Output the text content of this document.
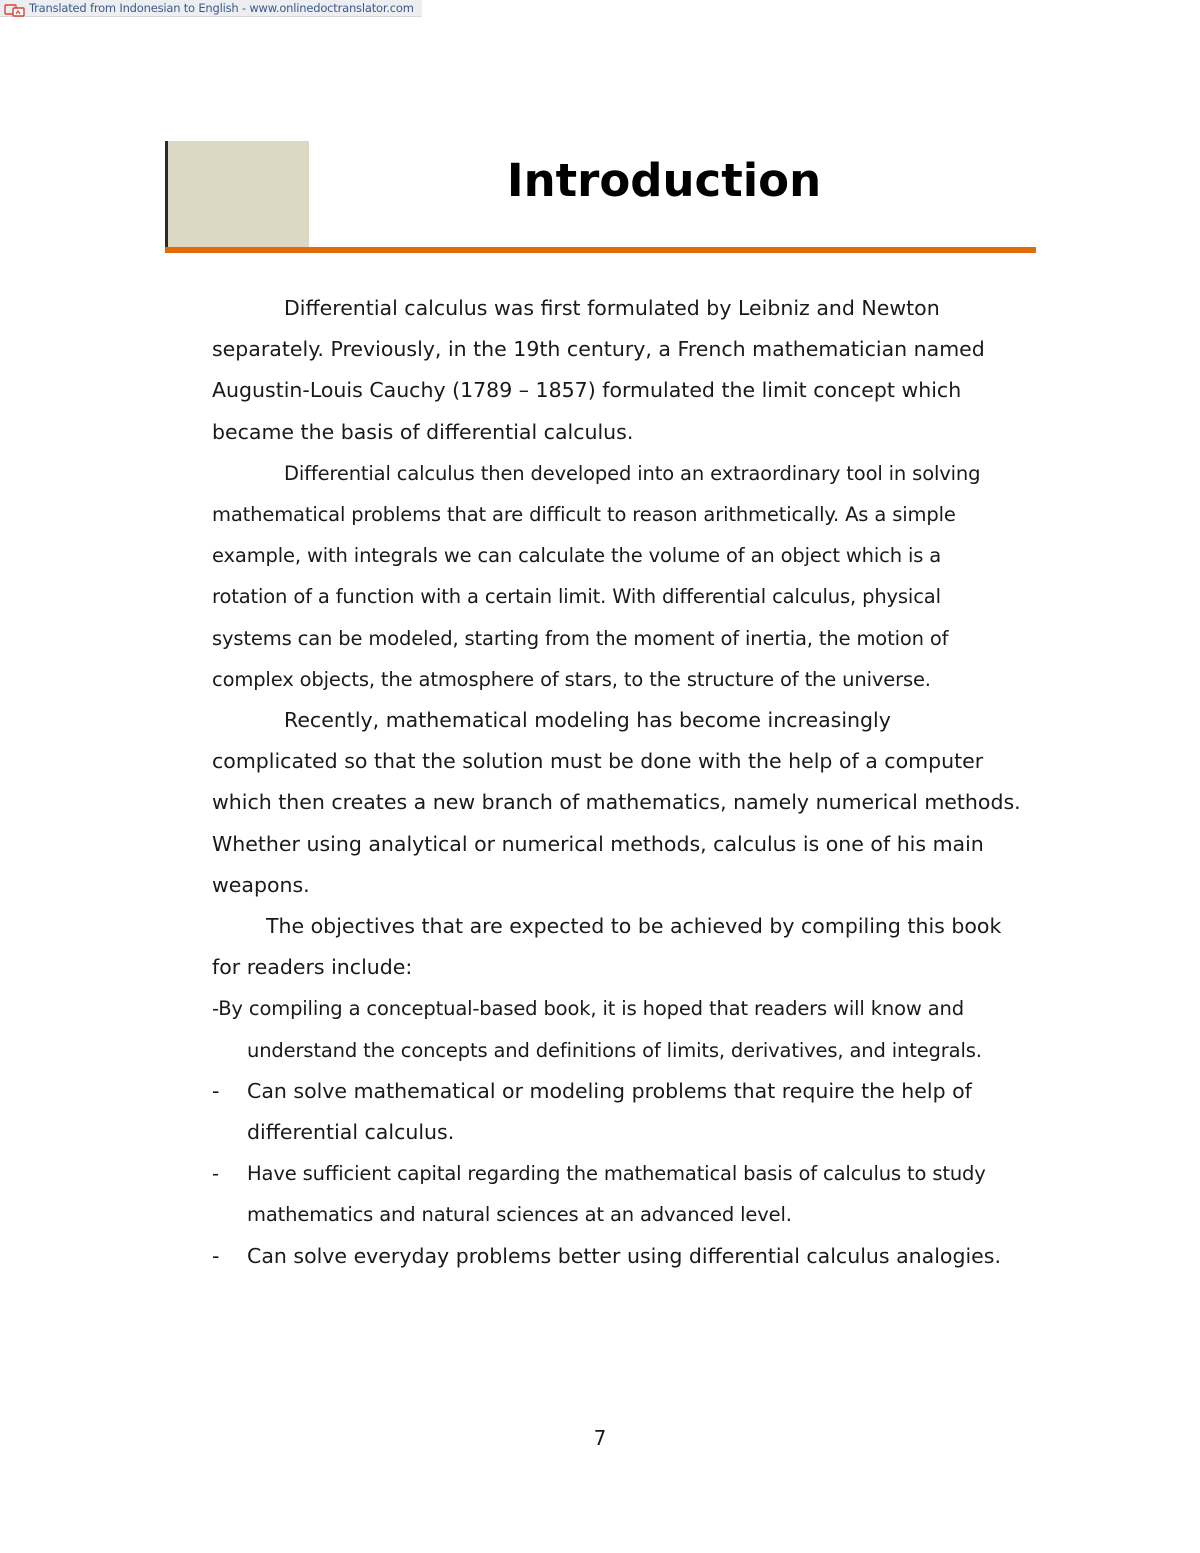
Translated from Indonesian to English - www.onlinedoctranslator.com
Introduction

Differential calculus was first formulated by Leibniz and Newton separately. Previously, in the 19th century, a French mathematician named Augustin-Louis Cauchy (1789 – 1857) formulated the limit concept which became the basis of differential calculus.

Differential calculus then developed into an extraordinary tool in solving mathematical problems that are difficult to reason arithmetically. As a simple example, with integrals we can calculate the volume of an object which is a rotation of a function with a certain limit. With differential calculus, physical systems can be modeled, starting from the moment of inertia, the motion of complex objects, the atmosphere of stars, to the structure of the universe.

Recently, mathematical modeling has become increasingly complicated so that the solution must be done with the help of a computer which then creates a new branch of mathematics, namely numerical methods. Whether using analytical or numerical methods, calculus is one of his main weapons.

The objectives that are expected to be achieved by compiling this book for readers include:

-By compiling a conceptual-based book, it is hoped that readers will know and understand the concepts and definitions of limits, derivatives, and integrals.
- Can solve mathematical or modeling problems that require the help of differential calculus.
- Have sufficient capital regarding the mathematical basis of calculus to study mathematics and natural sciences at an advanced level.
- Can solve everyday problems better using differential calculus analogies.
7
